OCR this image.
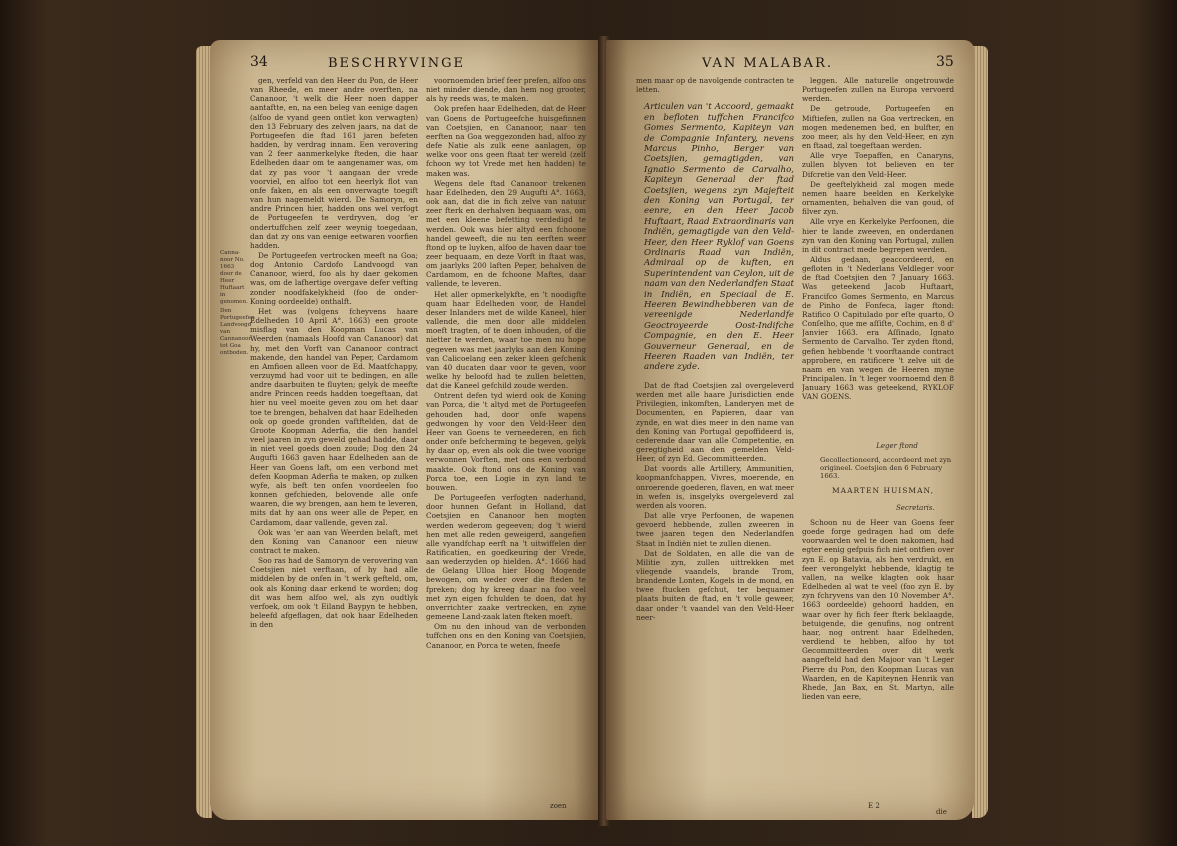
34	BESCHRYVINGE
Canna-noor No. 1663 door de Heer Huftaart in genomen.
Den Portugeefen Landvoogd van Cannanoor tot Goa ontboden.

gen, verfeld van den Heer du Pon, de Heer van Rheede, en meer andre overften, na Cananoor, 't welk die Heer noen dapper aantaftte, en, na een beleg van eenige dagen (alfoo de vyand geen ontlet kon verwagten) den 13 February des zelven jaars, na dat de Portugeefen die ftad 161 jaren befeten hadden, by verdrag innam. Een verovering van 2 feer aanmerkelyke fteden, die haar Edelheden daar om te aangenamer was, om dat zy pas voor 't aangaan der vrede voorviel, en alfoo tot een heerlyk flot van onfe faken, en als een onverwagte toegift van hun nagemeldt wierd. De Samoryn, en andre Princen hier, hadden ons wel verfogt de Portugeefen te verdryven, dog 'er ondertuffchen zelf zeer weynig toegedaan, dan dat zy ons van eenige eetwaren voorfien hadden.

De Portugeefen vertrocken meeft na Goa; dog Antonio Cardofo Landvoogd van Cananoor, wierd, foo als hy daer gekomen was, om de lafhertige overgave defer vefting zonder noodfakelykheid (foo de onder-Koning oordeelde) onthalft.

Het was (volgens fcheyvens haare Edelheden 10 April A°. 1663) een groote misflag van den Koopman Lucas van Weerden (namaals Hoofd van Cananoor) dat hy, met den Vorft van Cananoor contract makende, den handel van Peper, Cardamom en Amfioen alleen voor de Ed. Maatfchappy, verzuymd had voor uit te bedingen, en alle andre daarbuiten te fluyten; gelyk de meefte andre Princen reeds hadden toegeftaan, dat hier nu veel moeite geven zou om het daar toe te brengen, behalven dat haar Edelheden ook op goede gronden vaftftelden, dat de Groote Koopman Aderfia, die den handel veel jaaren in zyn geweld gehad hadde, daar in niet veel goeds doen zoude; Dog den 24 Augufti 1663 gaven haar Edelheden aan de Heer van Goens laft, om een verbond met defen Koopman Aderfia te maken, op zulken wyfe, als beft ten onfen voordeelen foo konnen gefchieden, belovende alle onfe waaren, die wy brengen, aan hem te leveren, mits dat hy aan ons weer alle de Peper, en Cardamom, daar vallende, geven zal.

Ook was 'er aan van Weerden belaft, met den Koning van Cananoor een nieuw contract te maken.

Soo ras had de Samoryn de verovering van Coetsjien niet verftaan, of hy had alle middelen by de onfen in 't werk gefteld, om, ook als Koning daar erkend te worden; dog dit was hem alfoo wel, als zyn oudtlyk verfoek, om ook 't Eiland Baypyn te hebben, beleefd afgeflagen, dat ook haar Edelheden in den

voornoemden brief feer prefen, alfoo ons niet minder diende, dan hem nog grooter, als hy reeds was, te maken.

Ook prefen haar Edelheden, dat de Heer van Goens de Portugeefche huisgefinnen van Coetsjien, en Cananoor, naar ten eerften na Goa weggezonden had, alfoo zy defe Natie als zulk eene aanlagen, op welke voor ons geen ftaat ter wereld (zelf fchoon wy tot Vrede met hen hadden) te maken was.

Wegens dele ftad Cananoor trekenen haar Edelheden, den 29 Augufti A°. 1663, ook aan, dat die in fich zelve van natuur zeer fterk en derhalven bequaam was, om met een kleene befetting verdedigd te werden. Ook was hier altyd een fchoone handel geweeft, die nu ten eerften weer ftond op te luyken, alfoo de haven daar toe zeer bequaam, en deze Vorft in ftaat was, om jaarlyks 200 laften Peper, behalven de Cardamom, en de fchoone Maftes, daar vallende, te leveren.

Het aller opmerkelykfte, en 't noodigfte quam haar Edelheden voor, de Handel deser Inlanders met de wilde Kaneel, hier vallende, die men door alle middelen moeft tragten, of te doen inhouden, of die nietter te werden, waar toe men nu hope gegeven was met jaarlyks aan den Koning van Calicoelang een zeker kleen gefchenk van 40 ducaten daar voor te geven, voor welke hy beloofd had te zullen beletten, dat die Kaneel gefchild zoude werden.

Ontrent defen tyd wierd ook de Koning van Porca, die 't altyd met de Portugeefen gehouden had, door onfe wapens gedwongen hy voor den Veld-Heer den Heer van Goens te verneederen, en fich onder onfe befcherming te begeven, gelyk hy daar op, even als ook die twee voorige verwonnen Vorften, met ons een verbond maakte. Ook ftond ons de Koning van Porca toe, een Logie in zyn land te bouwen.

De Portugeefen verfogten naderhand, door hunnen Gefant in Holland, dat Coetsjien en Cananoor hen mogten werden wederom gegeeven; dog 't wierd hen met alle reden geweigerd, aangefien alle vyandfchap eerft na 't uitwiffelen der Ratificatien, en goedkeuring der Vrede, aan wederzyden op hielden. A°. 1666 had de Gelang Ulloa hier Hoog Mogende bewogen, om weder over die fteden te fpreken; dog hy kreeg daar na foo veel met zyn eigen fchulden te doen, dat hy onverrichter zaake vertrecken, en zyne gemeene Land-zaak laten fteken moeft.

Om nu den inhoud van de verbonden tuffchen ons en den Koning van Coetsjien, Cananoor, en Porca te weten, fneefe

zoen
VAN MALABAR.	35

men maar op de navolgende contracten te letten.

Articulen van 't Accoord, gemaakt en befloten tuffchen Francifco Gomes Sermento, Kapiteyn van de Compagnie Infantery, nevens Marcus Pinho, Berger van Coetsjien, gemagtigden, van Ignatio Sermento de Carvalho, Kapiteyn Generaal der ftad Coetsjien, wegens zyn Majefteit den Koning van Portugal, ter eenre, en den Heer Jacob Huftaart, Raad Extraordinaris van Indiën, gemagtigde van den Veld-Heer, den Heer Ryklof van Goens Ordinaris Raad van Indiën, Admiraal op de kuften, en Superintendent van Ceylon, uit de naam van den Nederlandfen Staat in Indiën, en Speciaal de E. Heeren Bewindhebberen van de vereenigde Nederlandfe Geoctroyeerde Oost-Indifche Compagnie, en den E. Heer Gouverneur Generaal, en de Heeren Raaden van Indiën, ter andere zyde.

Dat de ftad Coetsjien zal overgeleverd werden met alle haare Jurisdictien ende Privilegien, inkomften, Landeryen met de Documenten, en Papieren, daar van zynde, en wat dies meer in den name van den Koning van Portugal gepoffideerd is, cederende daar van alle Competentie, en geregtigheid aan den gemelden Veld-Heer, of zyn Ed. Gecommitteerden.

Dat voords alle Artillery, Ammunitien, koopmanfchappen, Vivres, moerende, en onroerende goederen, flaven, en wat meer in wefen is, insgelyks overgeleverd zal werden als vooren.

Dat alle vrye Perfoonen, de wapenen gevoerd hebbende, zullen zweeren in twee jaaren tegen den Nederlandfen Staat in Indiën niet te zullen dienen.

Dat de Soldaten, en alle die van de Militie zyn, zullen uittrekken met vliegende vaandels, brande Trom, brandende Lonten, Kogels in de mond, en twee ftucken gefchut, ter bequamer plaats buiten de ftad, en 't volle geweer, daar onder 't vaandel van den Veld-Heer neer-

leggen. Alle naturelle ongetrouwde Portugeefen zullen na Europa vervoerd werden.

De getroude, Portugeefen en Miftiefen, zullen na Goa vertrecken, en mogen medenemen bed, en bulfter, en zoo meer, als hy den Veld-Heer, en zyn en ftaad, zal toegeftaan werden.

Alle vrye Toepaffen, en Canaryns, zullen blyven tot believen en ter Difcretie van den Veld-Heer.

De geeftelykheid zal mogen mede nemen haare beelden en Kerkelyke ornamenten, behalven die van goud, of filver zyn.

Alle vrye en Kerkelyke Perfoonen, die hier te lande zweeven, en onderdanen zyn van den Koning van Portugal, zullen in dit contract mede begrepen werden.

Aldus gedaan, geaccordeerd, en gefloten in 't Nederlans Veldleger voor de ftad Coetsjien den 7 January 1663. Was geteekend Jacob Huftaart, Francifco Gomes Sermento, en Marcus de Pinho de Fonfeca, lager ftond: Ratifico O Capitulado por eſte quarto, O Conſelho, que me aſſiſte, Cochim, en 8 d' Janvier 1663. era Aſſinado, Ignato Sermento de Carvalho. Ter zyden ftond, gefien hebbende 't voorftaande contract approbere, en ratificere 't zelve uit de naam en van wegen de Heeren myne Principalen. In 't leger voornoemd den 8 January 1663 was geteekend, RYKLOF VAN GOENS.

Leger ftond
Gecollectioneerd, accordeerd met zyn origineel. Coetsjien den 6 February 1663.
MAARTEN HUISMAN,
Secretaris.

Schoon nu de Heer van Goens feer goede forge gedragen had om defe voorwaarden wel te doen nakomen, had egter eenig gefpuis fich niet ontfien over zyn E. op Batavia, als hen verdrukt, en feer verongelykt hebbende, klagtig te vallen, na welke klagten ook haar Edelheden al wat te veel (foo zyn E. by zyn fchryvens van den 10 November A°. 1663 oordeelde) gehoord hadden, en waar over hy fich feer fterk beklaagde, betuigende, die genufins, nog ontrent haar, nog ontrent haar Edelheden, verdiend te hebben, alfoo hy tot Gecommitteerden over dit werk aangefteld had den Majoor van 't Leger Pierre du Pon, den Koopman Lucas van Waarden, en de Kapiteynen Henrik van Rhede, Jan Bax, en St. Martyn, alle lieden van eere,

E 2
die
